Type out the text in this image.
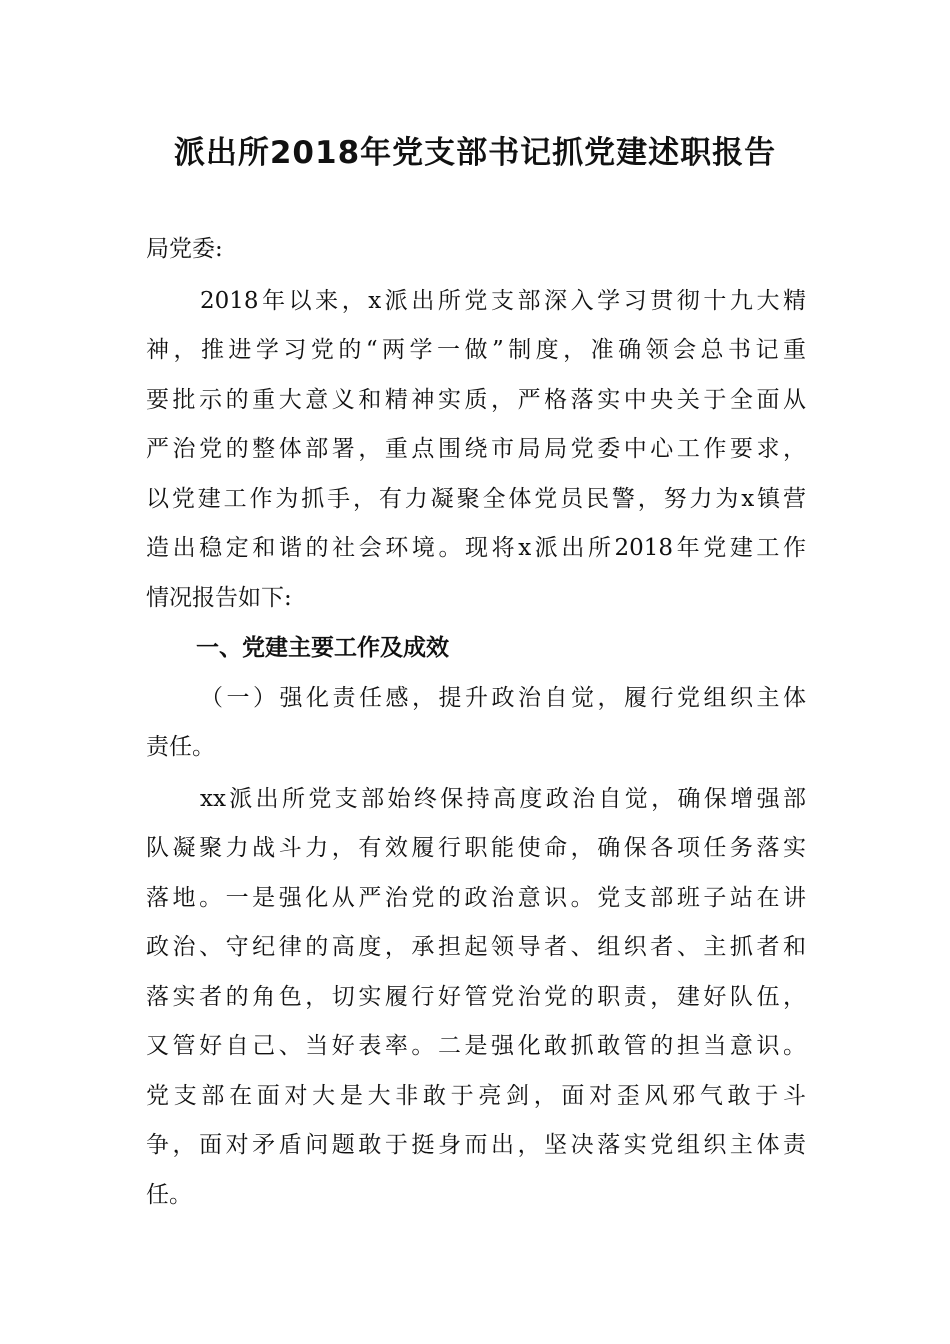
派出所2018年党支部书记抓党建述职报告
局党委:
2018年以来，x派出所党支部深入学习贯彻十九大精
神，推进学习党的“两学一做”制度，准确领会总书记重
要批示的重大意义和精神实质，严格落实中央关于全面从
严治党的整体部署，重点围绕市局局党委中心工作要求，
以党建工作为抓手，有力凝聚全体党员民警，努力为x镇营
造出稳定和谐的社会环境。现将x派出所2018年党建工作
情况报告如下:
一、党建主要工作及成效
（一）强化责任感，提升政治自觉，履行党组织主体
责任。
xx派出所党支部始终保持高度政治自觉，确保增强部
队凝聚力战斗力，有效履行职能使命，确保各项任务落实
落地。一是强化从严治党的政治意识。党支部班子站在讲
政治、守纪律的高度，承担起领导者、组织者、主抓者和
落实者的角色，切实履行好管党治党的职责，建好队伍，
又管好自己、当好表率。二是强化敢抓敢管的担当意识。
党支部在面对大是大非敢于亮剑，面对歪风邪气敢于斗
争，面对矛盾问题敢于挺身而出，坚决落实党组织主体责
任。
